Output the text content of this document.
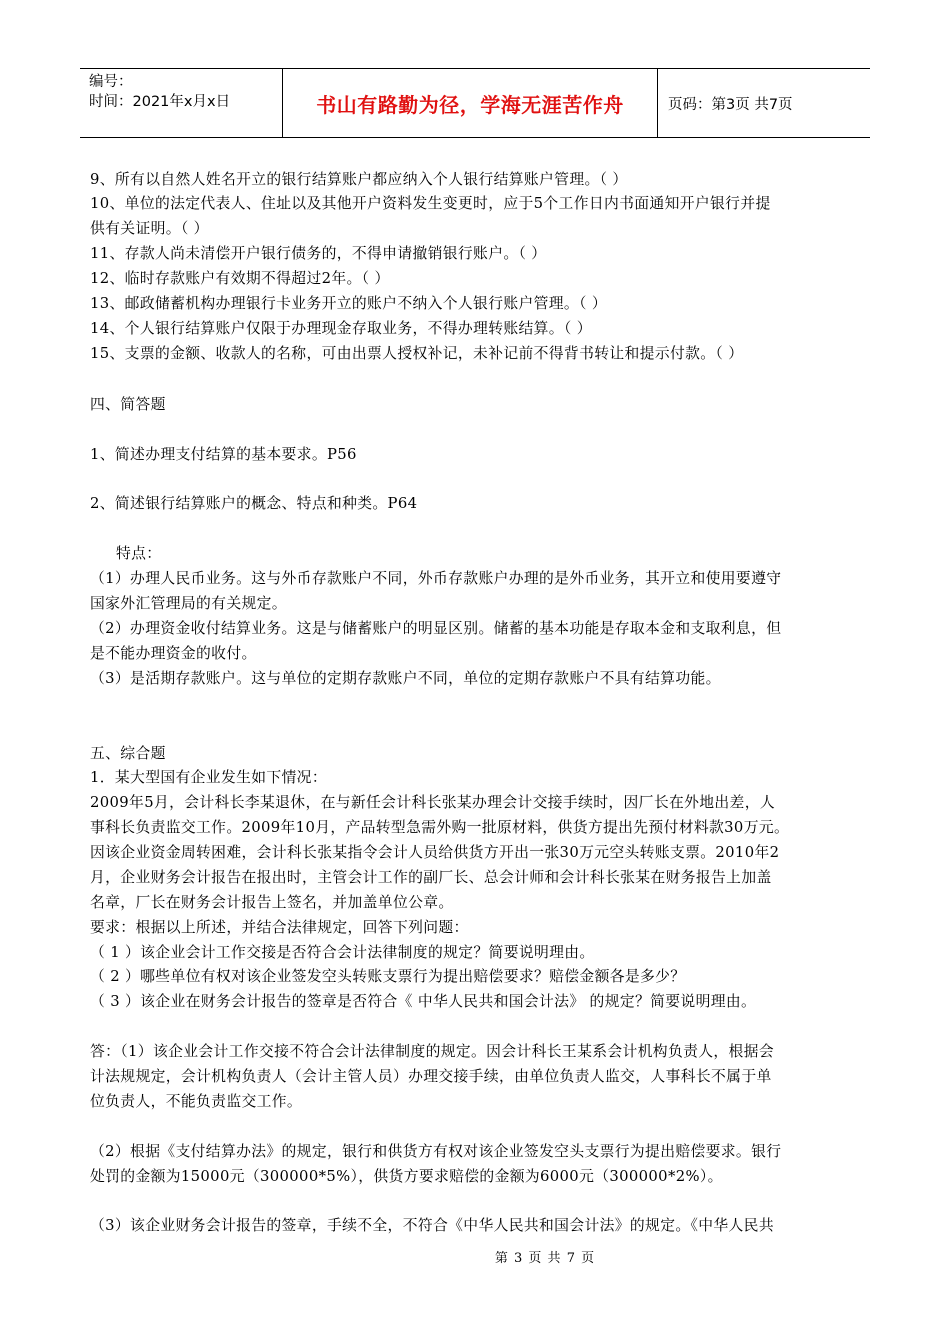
编号：
时间：2021年x月x日	书山有路勤为径，学海无涯苦作舟	页码：第3页 共7页
9、所有以自然人姓名开立的银行结算账户都应纳入个人银行结算账户管理。（ ）
10、单位的法定代表人、住址以及其他开户资料发生变更时，应于5个工作日内书面通知开户银行并提
供有关证明。（ ）
11、存款人尚未清偿开户银行债务的，不得申请撤销银行账户。（ ）
12、临时存款账户有效期不得超过2年。（ ）
13、邮政储蓄机构办理银行卡业务开立的账户不纳入个人银行账户管理。（ ）
14、个人银行结算账户仅限于办理现金存取业务，不得办理转账结算。（ ）
15、支票的金额、收款人的名称，可由出票人授权补记，未补记前不得背书转让和提示付款。（ ）
四、简答题
1、简述办理支付结算的基本要求。P56
2、简述银行结算账户的概念、特点和种类。P64
特点：
（1）办理人民币业务。这与外币存款账户不同，外币存款账户办理的是外币业务，其开立和使用要遵守
国家外汇管理局的有关规定。
（2）办理资金收付结算业务。这是与储蓄账户的明显区别。储蓄的基本功能是存取本金和支取利息，但
是不能办理资金的收付。
（3）是活期存款账户。这与单位的定期存款账户不同，单位的定期存款账户不具有结算功能。
五、综合题
1．某大型国有企业发生如下情况：
2009年5月，会计科长李某退休，在与新任会计科长张某办理会计交接手续时，因厂长在外地出差，人
事科长负责监交工作。2009年10月，产品转型急需外购一批原材料，供货方提出先预付材料款30万元。
因该企业资金周转困难，会计科长张某指令会计人员给供货方开出一张30万元空头转账支票。2010年2
月，企业财务会计报告在报出时，主管会计工作的副厂长、总会计师和会计科长张某在财务报告上加盖
名章，厂长在财务会计报告上签名，并加盖单位公章。
要求：根据以上所述，并结合法律规定，回答下列问题：
（ 1 ）该企业会计工作交接是否符合会计法律制度的规定？简要说明理由。
（ 2 ）哪些单位有权对该企业签发空头转账支票行为提出赔偿要求？赔偿金额各是多少？
（ 3 ）该企业在财务会计报告的签章是否符合《 中华人民共和国会计法》 的规定？简要说明理由。
答：（1）该企业会计工作交接不符合会计法律制度的规定。因会计科长王某系会计机构负责人，根据会
计法规规定，会计机构负责人（会计主管人员）办理交接手续，由单位负责人监交，人事科长不属于单
位负责人，不能负责监交工作。
（2）根据《支付结算办法》的规定，银行和供货方有权对该企业签发空头支票行为提出赔偿要求。银行
处罚的金额为15000元（300000*5%），供货方要求赔偿的金额为6000元（300000*2%）。
（3）该企业财务会计报告的签章，手续不全，不符合《中华人民共和国会计法》的规定。《中华人民共
第 3 页 共 7 页
